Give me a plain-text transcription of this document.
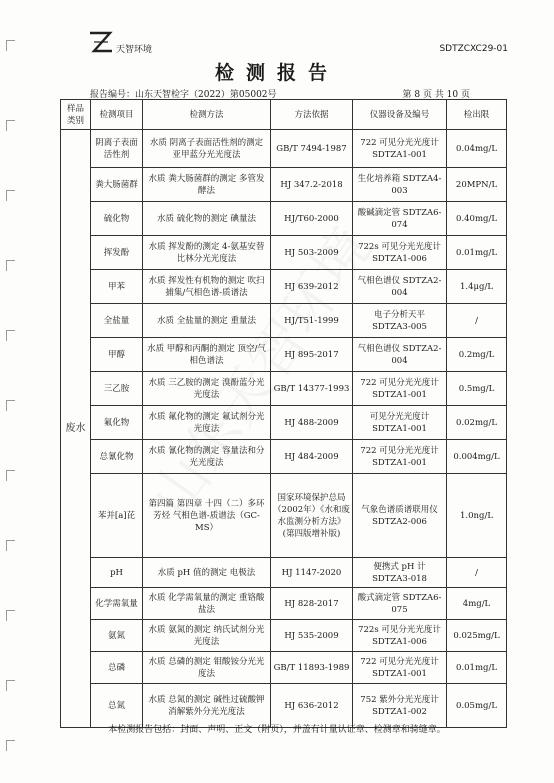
天智环境	SDTZCXC29-01
检测报告
报告编号：山东天智检字（2022）第05002号	第 8 页 共 10 页
样品类别	检测项目	检测方法	方法依据	仪器设备及编号	检出限
废水	阴离子表面活性剂	水质 阴离子表面活性剂的测定 亚甲蓝分光光度法	GB/T 7494-1987	722 可见分光光度计 SDTZA1-001	0.04mg/L
	粪大肠菌群	水质 粪大肠菌群的测定 多管发酵法	HJ 347.2-2018	生化培养箱 SDTZA4-003	20MPN/L
	硫化物	水质 硫化物的测定 碘量法	HJ/T60-2000	酸碱滴定管 SDTZA6-074	0.40mg/L
	挥发酚	水质 挥发酚的测定 4-氨基安替比林分光光度法	HJ 503-2009	722s 可见分光光度计 SDTZA1-006	0.01mg/L
	甲苯	水质 挥发性有机物的测定 吹扫捕集/气相色谱-质谱法	HJ 639-2012	气相色谱仪 SDTZA2-004	1.4μg/L
	全盐量	水质 全盐量的测定 重量法	HJ/T51-1999	电子分析天平 SDTZA3-005	/
	甲醇	水质 甲醇和丙酮的测定 顶空/气相色谱法	HJ 895-2017	气相色谱仪 SDTZA2-004	0.2mg/L
	三乙胺	水质 三乙胺的测定 溴酚蓝分光光度法	GB/T 14377-1993	722 可见分光光度计 SDTZA1-001	0.5mg/L
	氟化物	水质 氟化物的测定 氟试剂分光光度法	HJ 488-2009	可见分光光度计 SDTZA1-001	0.02mg/L
	总氰化物	水质 氰化物的测定 容量法和分光光度法	HJ 484-2009	722 可见分光光度计 SDTZA1-001	0.004mg/L
	苯并[a]芘	第四篇 第四章 十四（二）多环芳烃 气相色谱-质谱法（GC-MS）	国家环境保护总局（2002年）《水和废水监测分析方法》(第四版增补版)	气象色谱质谱联用仪 SDTZA2-006	1.0ng/L
	pH	水质 pH 值的测定 电极法	HJ 1147-2020	便携式 pH 计 SDTZA3-018	/
	化学需氧量	水质 化学需氧量的测定 重铬酸盐法	HJ 828-2017	酸式滴定管 SDTZA6-075	4mg/L
	氨氮	水质 氨氮的测定 纳氏试剂分光光度法	HJ 535-2009	722s 可见分光光度计 SDTZA1-006	0.025mg/L
	总磷	水质 总磷的测定 钼酸铵分光光度法	GB/T 11893-1989	722 可见分光光度计 SDTZA1-001	0.01mg/L
	总氮	水质 总氮的测定 碱性过硫酸钾消解紫外分光光度法	HJ 636-2012	752 紫外分光光度计 SDTZA1-002	0.05mg/L
本检测报告包括：封面、声明、正文（附页），并盖有计量认证章、检测章和骑缝章。
